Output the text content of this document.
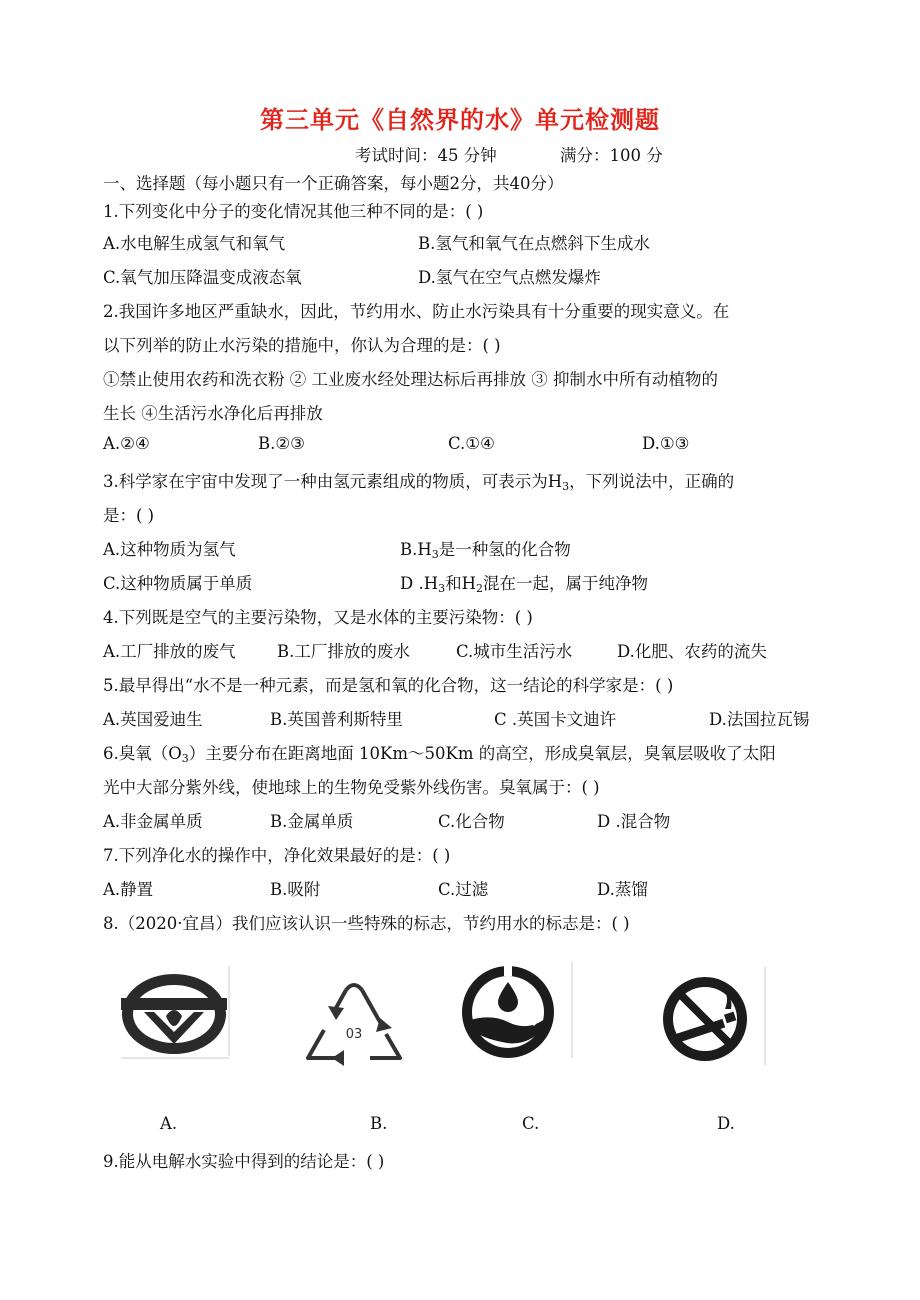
第三单元《自然界的水》单元检测题
考试时间：45 分钟	满分：100 分
一、选择题（每小题只有一个正确答案，每小题2分，共40分）
1.下列变化中分子的变化情况其他三种不同的是：( )
A.水电解生成氢气和氧气	B.氢气和氧气在点燃斜下生成水
C.氧气加压降温变成液态氧	D.氢气在空气点燃发爆炸
2.我国许多地区严重缺水，因此，节约用水、防止水污染具有十分重要的现实意义。在
以下列举的防止水污染的措施中，你认为合理的是：( )
①禁止使用农药和洗衣粉 ② 工业废水经处理达标后再排放 ③ 抑制水中所有动植物的
生长 ④生活污水净化后再排放
A.②④	B.②③	C.①④	D.①③
3.科学家在宇宙中发现了一种由氢元素组成的物质，可表示为$H_3$，下列说法中，正确的
是：( )
A.这种物质为氢气	$B.H_3$是一种氢的化合物
C.这种物质属于单质	D $.H_3$和$H_2$混在一起，属于纯净物
4.下列既是空气的主要污染物，又是水体的主要污染物：( )
A.工厂排放的废气	B.工厂排放的废水	C.城市生活污水	D.化肥、农药的流失
5.最早得出“水不是一种元素，而是氢和氧的化合物，这一结论的科学家是：( )
A.英国爱迪生	B.英国普利斯特里	C .英国卡文迪许	D.法国拉瓦锡
6.臭氧$(O_3)$主要分布在距离地面 10Km～50Km 的高空，形成臭氧层，臭氧层吸收了太阳
光中大部分紫外线，使地球上的生物免受紫外线伤害。臭氧属于：( )
A.非金属单质	B.金属单质	C.化合物	D .混合物
7.下列净化水的操作中，净化效果最好的是：( )
A.静置	B.吸附	C.过滤	D.蒸馏
8.（2020·宜昌）我们应该认识一些特殊的标志，节约用水的标志是：( )
03
A.	B.	C.	D.
9.能从电解水实验中得到的结论是：( )
